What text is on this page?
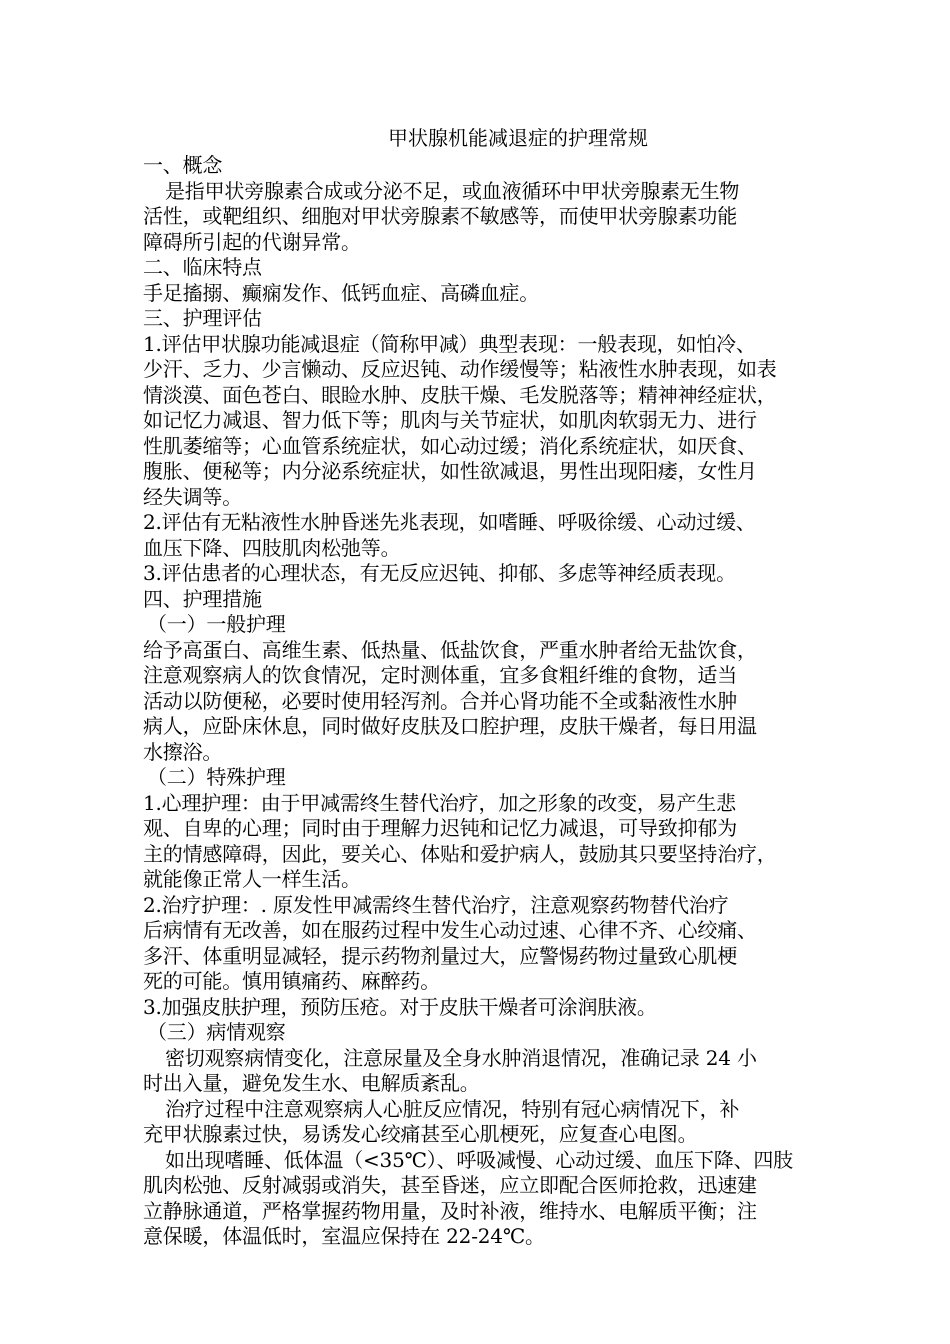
甲状腺机能减退症的护理常规

一、概念

是指甲状旁腺素合成或分泌不足，或血液循环中甲状旁腺素无生物

活性，或靶组织、细胞对甲状旁腺素不敏感等，而使甲状旁腺素功能

障碍所引起的代谢异常。

二、临床特点

手足搐搦、癫痫发作、低钙血症、高磷血症。

三、护理评估

1.评估甲状腺功能减退症（简称甲减）典型表现：一般表现，如怕冷、

少汗、乏力、少言懒动、反应迟钝、动作缓慢等；粘液性水肿表现，如表

情淡漠、面色苍白、眼睑水肿、皮肤干燥、毛发脱落等；精神神经症状，

如记忆力减退、智力低下等；肌肉与关节症状，如肌肉软弱无力、进行

性肌萎缩等；心血管系统症状，如心动过缓；消化系统症状，如厌食、

腹胀、便秘等；内分泌系统症状，如性欲减退，男性出现阳痿，女性月

经失调等。

2.评估有无粘液性水肿昏迷先兆表现，如嗜睡、呼吸徐缓、心动过缓、

血压下降、四肢肌肉松弛等。

3.评估患者的心理状态，有无反应迟钝、抑郁、多虑等神经质表现。

四、护理措施

（一）一般护理

给予高蛋白、高维生素、低热量、低盐饮食，严重水肿者给无盐饮食，

注意观察病人的饮食情况，定时测体重，宜多食粗纤维的食物，适当

活动以防便秘，必要时使用轻泻剂。合并心肾功能不全或黏液性水肿

病人，应卧床休息，同时做好皮肤及口腔护理，皮肤干燥者，每日用温

水擦浴。

（二）特殊护理

1.心理护理：由于甲减需终生替代治疗，加之形象的改变，易产生悲

观、自卑的心理；同时由于理解力迟钝和记忆力减退，可导致抑郁为

主的情感障碍，因此，要关心、体贴和爱护病人，鼓励其只要坚持治疗，

就能像正常人一样生活。

2.治疗护理：. 原发性甲减需终生替代治疗，注意观察药物替代治疗

后病情有无改善，如在服药过程中发生心动过速、心律不齐、心绞痛、

多汗、体重明显减轻，提示药物剂量过大，应警惕药物过量致心肌梗

死的可能。慎用镇痛药、麻醉药。

3.加强皮肤护理，预防压疮。对于皮肤干燥者可涂润肤液。

（三）病情观察

密切观察病情变化，注意尿量及全身水肿消退情况，准确记录 24 小

时出入量，避免发生水、电解质紊乱。

治疗过程中注意观察病人心脏反应情况，特别有冠心病情况下，补

充甲状腺素过快，易诱发心绞痛甚至心肌梗死，应复查心电图。

如出现嗜睡、低体温（<35℃）、呼吸减慢、心动过缓、血压下降、四肢

肌肉松弛、反射减弱或消失，甚至昏迷，应立即配合医师抢救，迅速建

立静脉通道，严格掌握药物用量，及时补液，维持水、电解质平衡；注

意保暖，体温低时，室温应保持在 22-24℃。
